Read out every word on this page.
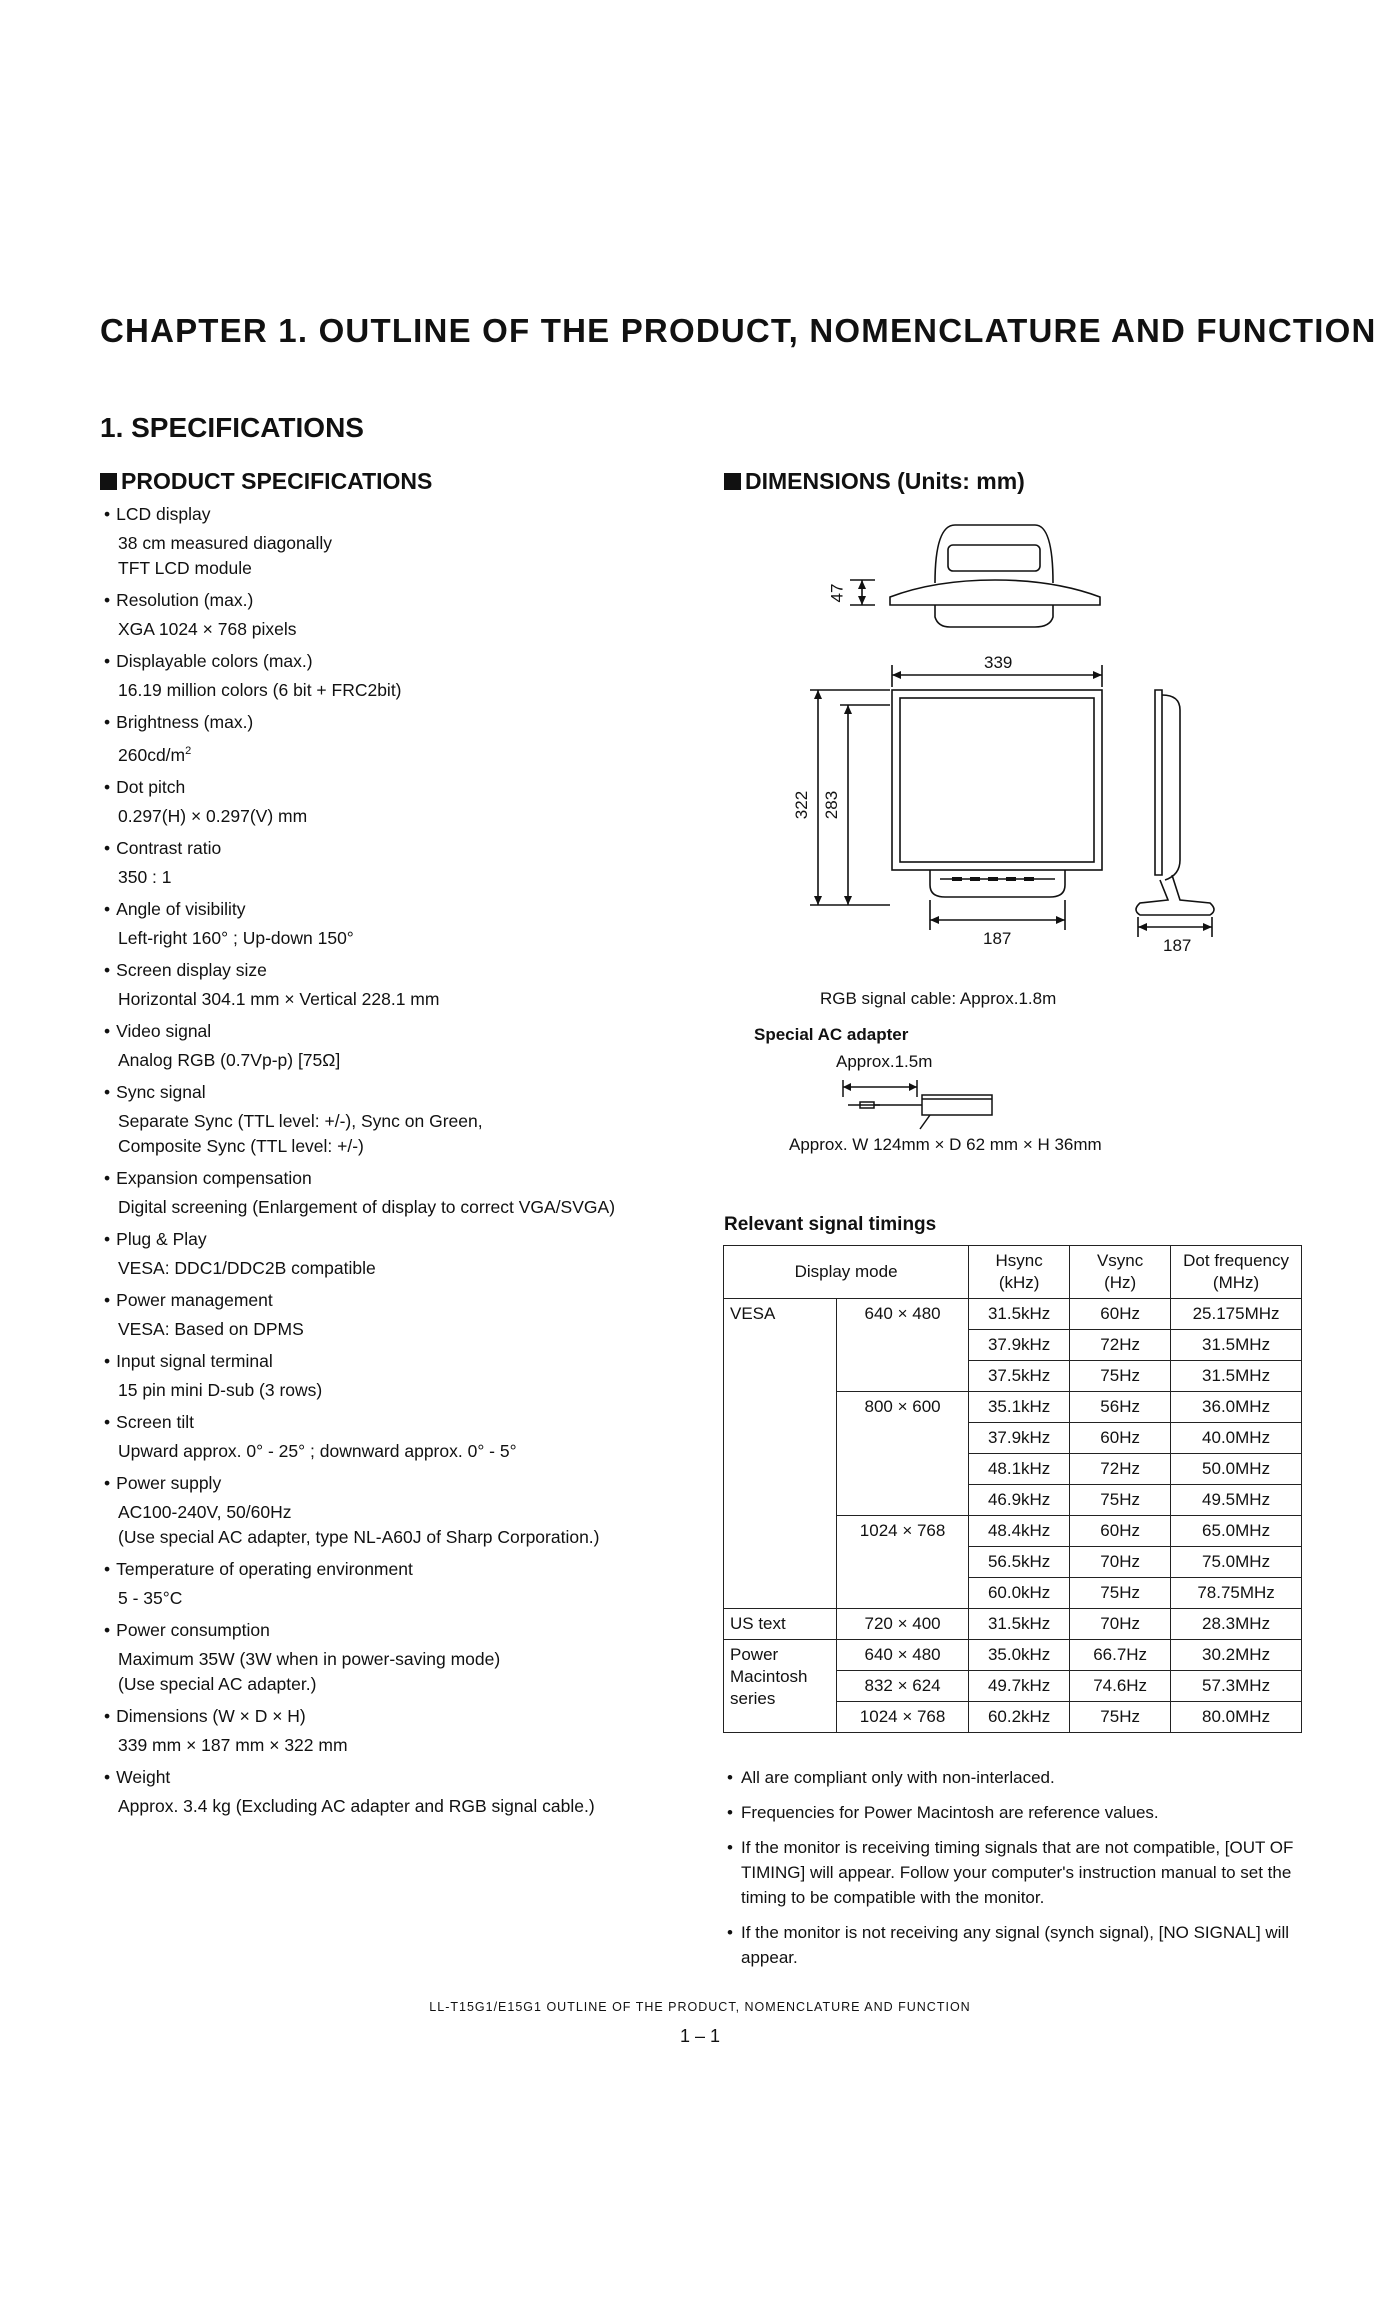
CHAPTER 1. OUTLINE OF THE PRODUCT, NOMENCLATURE AND FUNCTION
1. SPECIFICATIONS
PRODUCT SPECIFICATIONS
• LCD display
38 cm measured diagonally
TFT LCD module
• Resolution (max.)
XGA 1024 × 768 pixels
• Displayable colors (max.)
16.19 million colors (6 bit + FRC2bit)
• Brightness (max.)
$260cd/m^2$
• Dot pitch
0.297(H) × 0.297(V) mm
• Contrast ratio
350 : 1
• Angle of visibility
Left-right 160° ; Up-down 150°
• Screen display size
Horizontal 304.1 mm × Vertical 228.1 mm
• Video signal
Analog RGB (0.7Vp-p) [75Ω]
• Sync signal
Separate Sync (TTL level: +/-), Sync on Green,
Composite Sync (TTL level: +/-)
• Expansion compensation
Digital screening (Enlargement of display to correct VGA/SVGA)
• Plug & Play
VESA: DDC1/DDC2B compatible
• Power management
VESA: Based on DPMS
• Input signal terminal
15 pin mini D-sub (3 rows)
• Screen tilt
Upward approx. 0° - 25° ; downward approx. 0° - 5°
• Power supply
AC100-240V, 50/60Hz
(Use special AC adapter, type NL-A60J of Sharp Corporation.)
• Temperature of operating environment
5 - 35°C
• Power consumption
Maximum 35W (3W when in power-saving mode)
(Use special AC adapter.)
• Dimensions (W × D × H)
339 mm × 187 mm × 322 mm
• Weight
Approx. 3.4 kg (Excluding AC adapter and RGB signal cable.)
DIMENSIONS (Units: mm)
47
339
322 283
187	187
RGB signal cable: Approx.1.8m
Special AC adapter
Approx.1.5m
Approx. W 124mm × D 62 mm × H 36mm
Relevant signal timings
Display mode		Hsync
(kHz)	Vsync
(Hz)	Dot frequency
(MHz)
VESA	640 × 480	31.5kHz	60Hz	25.175MHz
		37.9kHz	72Hz	31.5MHz
		37.5kHz	75Hz	31.5MHz
	800 × 600	35.1kHz	56Hz	36.0MHz
		37.9kHz	60Hz	40.0MHz
		48.1kHz	72Hz	50.0MHz
		46.9kHz	75Hz	49.5MHz
	1024 × 768	48.4kHz	60Hz	65.0MHz
		56.5kHz	70Hz	75.0MHz
		60.0kHz	75Hz	78.75MHz
US text	720 × 400	31.5kHz	70Hz	28.3MHz
Power
Macintosh
series	640 × 480	35.0kHz	66.7Hz	30.2MHz
	832 × 624	49.7kHz	74.6Hz	57.3MHz
	1024 × 768	60.2kHz	75Hz	80.0MHz
• All are compliant only with non-interlaced.
• Frequencies for Power Macintosh are reference values.
• If the monitor is receiving timing signals that are not compatible, [OUT OF TIMING] will appear. Follow your computer's instruction manual to set the timing to be compatible with the monitor.
• If the monitor is not receiving any signal (synch signal), [NO SIGNAL] will appear.
LL-T15G1/E15G1 OUTLINE OF THE PRODUCT, NOMENCLATURE AND FUNCTION
1 – 1
